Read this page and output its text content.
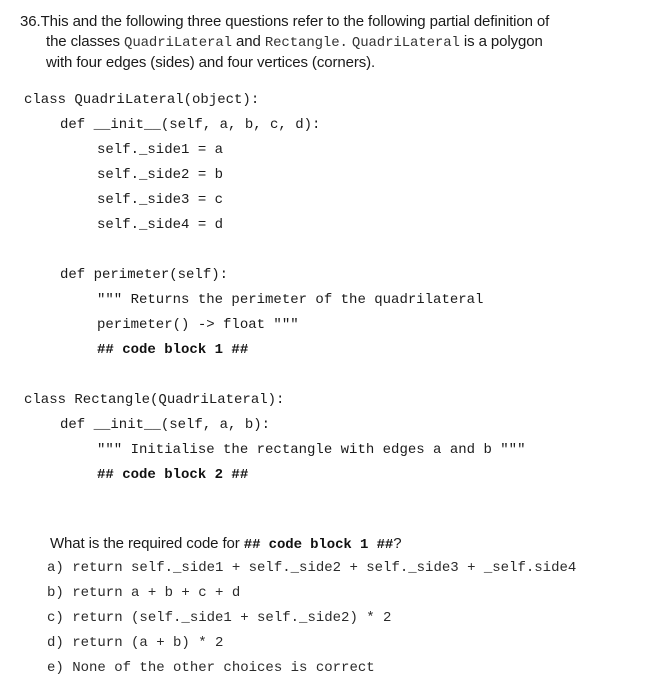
36.This and the following three questions refer to the following partial definition of
the classes QuadriLateral and Rectangle. QuadriLateral is a polygon
with four edges (sides) and four vertices (corners).
class QuadriLateral(object):
def __init__(self, a, b, c, d):
self._side1 = a
self._side2 = b
self._side3 = c
self._side4 = d
def perimeter(self):
""" Returns the perimeter of the quadrilateral
perimeter() -> float """
## code block 1 ##
class Rectangle(QuadriLateral):
def __init__(self, a, b):
""" Initialise the rectangle with edges a and b """
## code block 2 ##
What is the required code for ## code block 1 ##?
a) return self._side1 + self._side2 + self._side3 + _self.side4
b) return a + b + c + d
c) return (self._side1 + self._side2) * 2
d) return (a + b) * 2
e) None of the other choices is correct
